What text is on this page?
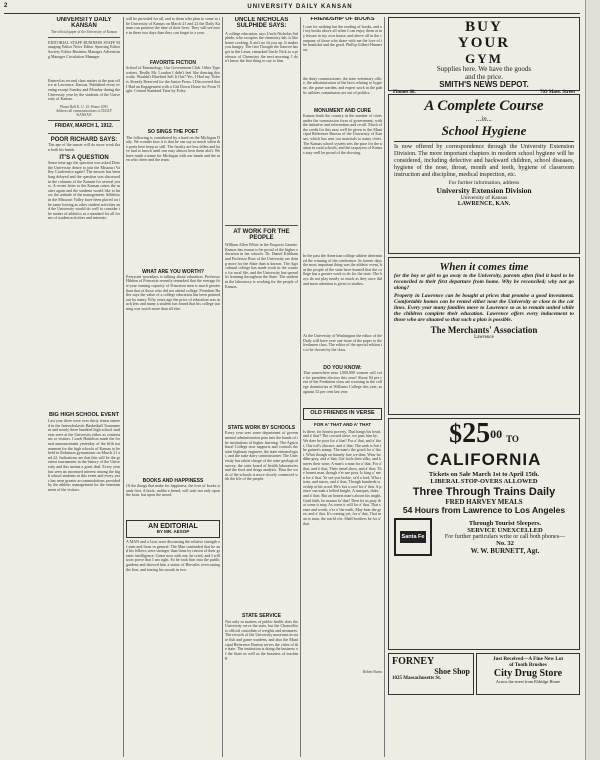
2	UNIVERSITY DAILY KANSAN
UNIVERSITY DAILY KANSAN
The official paper of the University of Kansas
EDITORIAL STAFF BUSINESS STAFF Managing Editor News Editor Sporting Editor Society Editor Business Manager Advertising Manager Circulation Manager
Entered as second class matter at the post office at Lawrence, Kansas. Published every evening except Sunday and Monday during the University year by the students of the University of Kansas.
Phone Bell K. U. 25. Home 1095
Address all communications to DAILY KANSAN
FRIDAY, MARCH 1, 1912.
POOR RICHARD SAYS:
The ape of the sunset will do more work than both his hands.
IT'S A QUESTION
Some time ago the question was asked Does the University desire to join the Missouri Valley Conference again? The answer has been long delayed and the question was discussed in the columns of the Kansan for several years. A recent letter to the Kansan raises the matter again and the students would like to know the attitude of the management. Athletics in the Missouri Valley have been placed on the same footing as other student activities and the University would do well to consider the matter of athletics as a standard for all forms of student activities and interests.
BIG HIGH SCHOOL EVENT
Last year there were over thirty teams entered in the Interscholastic Basketball Tournament and nearly three hundred high school students were at the University either as contestants or visitors. Coach Hamilton made the formal announcement yesterday of the fifth tournament for the high schools of Kansas to be held in Robinson gymnasium on March 21 and 22. Indications are that this will be the greatest tournament in the history of the University and this means a great deal. Every year has seen an increased interest among the high school students in this event and every year has seen greater accommodations provided by the athletic management for the entertainment of the visitors.
will be provided for all, and to them who plan to come to the University of Kansas on March 21 and 22 the Daily Kansan can promise the time of their lives. They will see more in these two days than they can forget in a year.
FAVORITE FICTION
School of Entomology. Our Government Club. Other Typewriters. Really Mr. Loudon I didn't feel like dancing this waltz. Wouldn't Bluebird Sell It Out? Yes, I Had my Tickets Already Reserved for the Junior Prom. I Discovered that I Had an Engagement with a Girl Down Home for Prom Night. Central Standard Time by Foley.
SO SINGS THE POET
The following is contributed by a bard on the Michigan Daily. We wonder how it is that he can say so much when the poets here keep so still. The faculty are less fallen and have had to knock until one may almost hear them aloft. We have made a name for Michigan with our bands and the men who cheer and the team.
WHAT ARE YOU WORTH?
Everyone nowadays is talking about education. Professor Hibben of Princeton recently remarked that the average first-year earning capacity of Princeton men is much greater than that of those who did not attend college. President Butler says the value of a college education has been pointed out by many. Fifty years ago the price of education was much less and many a student has found that his college training was worth more than all else.
BOOKS AND HAPPINESS
Of the things that make for happiness, the love of books stands first. A book, unlike a friend, will wait not only upon the hour, but upon the mood.
AN EDITORIAL
BY MR. AESOP
A MAN and a Lion were discussing the relative strength of men and lions in general. The Man contended that he and his fellows were stronger than lions by reason of their greater intelligence. Come now with me, he cried, and I will soon prove that I am right. So he took him into the public gardens and showed him a statue of Hercules overcoming the lion, and tearing his mouth in two.
UNCLE NICHOLAS SULPHIDE SAYS:
A college education, says Uncle Nicholas Sulphide, who occupies the chemistry lab, is like home cooking. It ain't no fit you up. It makes you hungry. The first Thought the fiancee has got in the Lawn, remarked Uncle Nick to a professor of Chemistry the next morning. I don't know the first thing to say to him.
AT WORK FOR THE PEOPLE
William Allen White in the Emporia Gazette. Kansas has reason to be proud of the higher education in her schools. Dr. Daniel Kirkham and Professor Ross of the University are doing more for the State than is known. The Agricultural college has made work in the country for rural life, and the University has spread its learning throughout the State. The student in the laboratory is working for the people of Kansas.
STATE WORK BY SCHOOLS
Every year sees some department of governmental administration pass into the hands of the institutions of higher learning. The Agricultural College now supports and controls the state highway engineer, the state entomologist, and the state dairy commissioner. The University has taken charge of the state geological survey, the state board of health laboratories and the food and drugs analysis. Thus the work of the schools is more closely connected with the life of the people.
STATE SERVICE
Not only in matters of public health does the University serve the state, but the Chancellor is official custodian of weights and measures. The records of the University museums in state fish and game wardens, and also the Municipal Reference Bureau serves the cities of the state. The institution is doing the business of the State as well as the business of teaching.
FRIENDSHIP OF BOOKS
I care for nothing but the reading of books, and of my books above all when I can enjoy them at my leisure in my own house, and above all in the company of those who share with me the love of the beautiful and the good. Phillip Gilbert Hamerton.
the dairy commissioner, the state veterinary office, the administration of the laws relating to hygiene, the game warden, and expert work in the public utilities commission are out of politics.
MONUMENT AND CURE
Kansas leads the country in the number of cities under the commission form of government, with the initiative and referendum and recall. Much of the credit for this may well be given to the Municipal Reference Bureau of the University of Kansas, which has sent out materials to many cities. The Kansas school system sets the pace for the nation in rural schools, and the taxpayers of Kansas may well be proud of the showing.
In the past the American college athlete determined the winning of the conference. In former days the most important thing was the athletic event, but the people of the state have learned that the college has a greater work to do for the state. The boys do not play nearly so much as they once did and more attention is given to studies.
At the University of Washington the editor of the Daily will have over one issue of the paper to the freshmen class. The editor of the special edition is to be chosen by the class.
DO YOU KNOW:
That somewhere near 1,000,000 women will vote for president electors this year? About 84 per cent of the Freshmen class are rooming in the college dormitories at Williams College this year, as against 52 per cent last year.
OLD FRIENDS IN VERSE
FOR A' THAT AND A' THAT
Is there, for honest poverty, That hangs his head, and a' that? The coward slave, we pass him by, We dare be poor for a' that! For a' that, and a' that, Our toil's obscure, and a' that; The rank is but the guinea's stamp; The man's the gowd for a' that. What though on hamely fare we dine, Wear hoddin-grey, and a' that; Gie fools their silks, and knaves their wine, A man's a man for a' that. For a' that, and a' that, Their tinsel show, and a' that; The honest man, though e'er sae poor, Is king o' men for a' that. Ye see yon birkie, ca'd a lord, Wha struts, and stares, and a' that; Though hundreds worship at his word, He's but a coof for a' that. A prince can mak a belted knight, A marquis, duke, and a' that; But an honest man's aboon his might, Guid faith, he mauna fa' that! Then let us pray that come it may, As come it will for a' that, That sense and worth, o'er a' the earth, May bear the gree, and a' that. It's coming yet, for a' that, That man to man, the warld o'er, Shall brothers be for a' that.
Robert Burns
BUY
YOUR
GYM
Supplies here. We have the goods
and the price.
SMITH'S NEWS DEPOT.
Phones 68.	709 Mass. Street
A Complete Course
...in...
School Hygiene
Is now offered by correspondence through the University Extension Division. The more important chapters in modern school hygiene will be considered, including defective and backward children, school diseases, hygiene of the nose, throat, mouth and teeth, hygiene of classroom instruction and discipline, medical inspection, etc.
For further information, address
University Extension Division
University of Kansas
LAWRENCE, KAN.
When it comes time
for the boy or girl to go away to the University, parents often find it hard to be reconciled to their first departure from home. Why be reconciled; why not go along?
Property in Lawrence can be bought at prices that promise a good investment. Comfortable homes can be rented either near the University or close to the car lines. Every year many families move to Lawrence so as to remain united while the children complete their education. Lawrence offers every inducement to those who are situated so that such a plan is possible.
The Merchants' Association
Lawrence
$\$25^{00}$ TO
CALIFORNIA
Tickets on Sale March 1st to April 15th.
LIBERAL STOP-OVERS ALLOWED
Three Through Trains Daily
FRED HARVEY MEALS
54 Hours from Lawrence to Los Angeles
Santa Fe
Through Tourist Sleepers.
SERVICE UNEXCELLED
For further particulars write or call both phones—
No. 32
W. W. BURNETT, Agt.
FORNEY
Shoe Shop
1025 Massachusetts St.
Just Received—A Fine New Lot
of Tooth Brushes
City Drug Store
Across the street from Eldridge House
